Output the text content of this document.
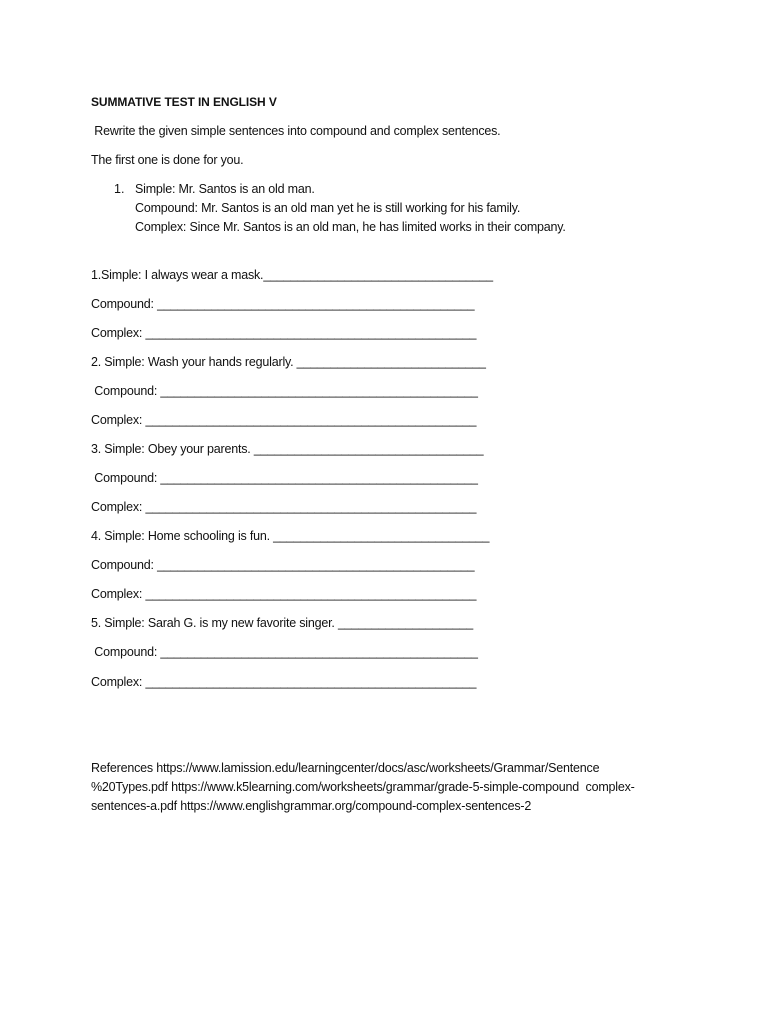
SUMMATIVE TEST IN ENGLISH V
Rewrite the given simple sentences into compound and complex sentences.
The first one is done for you.
1. Simple: Mr. Santos is an old man.
Compound: Mr. Santos is an old man yet he is still working for his family.
Complex: Since Mr. Santos is an old man, he has limited works in their company.
1.Simple: I always wear a mask.__________________________________
Compound: _______________________________________________
Complex: _________________________________________________
2. Simple: Wash your hands regularly. ____________________________
Compound: _______________________________________________
Complex: _________________________________________________
3. Simple: Obey your parents. __________________________________
Compound: _______________________________________________
Complex: _________________________________________________
4. Simple: Home schooling is fun. ________________________________
Compound: _______________________________________________
Complex: _________________________________________________
5. Simple: Sarah G. is my new favorite singer. ____________________
Compound: _______________________________________________
Complex: _________________________________________________
References https://www.lamission.edu/learningcenter/docs/asc/worksheets/Grammar/Sentence
%20Types.pdf https://www.k5learning.com/worksheets/grammar/grade-5-simple-compound  complex-
sentences-a.pdf https://www.englishgrammar.org/compound-complex-sentences-2
